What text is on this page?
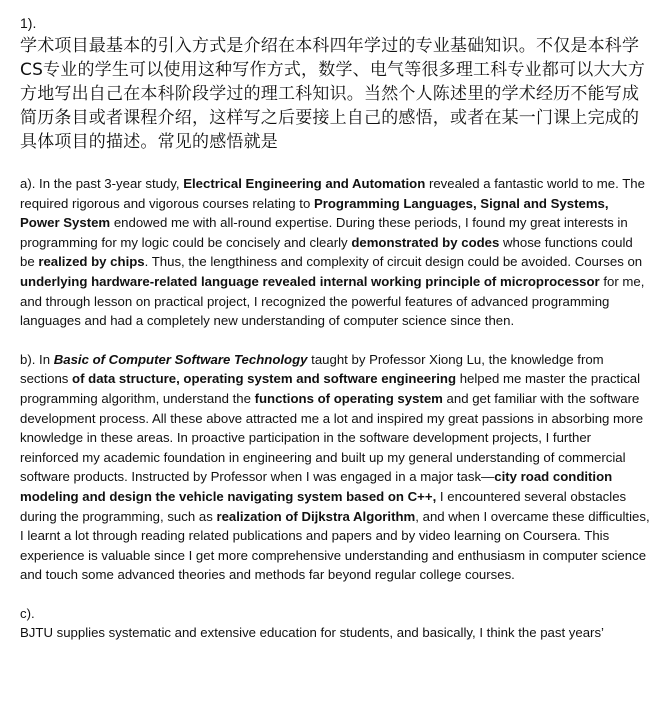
1).

学术项目最基本的引入方式是介绍在本科四年学过的专业基础知识。不仅是本科学CS专业的学生可以使用这种写作方式，数学、电气等很多理工科专业都可以大大方方地写出自己在本科阶段学过的理工科知识。当然个人陈述里的学术经历不能写成简历条目或者课程介绍，这样写之后要接上自己的感悟，或者在某一门课上完成的具体项目的描述。常见的感悟就是

a). In the past 3-year study, Electrical Engineering and Automation revealed a fantastic world to me. The required rigorous and vigorous courses relating to Programming Languages, Signal and Systems, Power System endowed me with all-round expertise. During these periods, I found my great interests in programming for my logic could be concisely and clearly demonstrated by codes whose functions could be realized by chips. Thus, the lengthiness and complexity of circuit design could be avoided. Courses on underlying hardware-related language revealed internal working principle of microprocessor for me, and through lesson on practical project, I recognized the powerful features of advanced programming languages and had a completely new understanding of computer science since then.

b). In Basic of Computer Software Technology taught by Professor Xiong Lu, the knowledge from sections of data structure, operating system and software engineering helped me master the practical programming algorithm, understand the functions of operating system and get familiar with the software development process. All these above attracted me a lot and inspired my great passions in absorbing more knowledge in these areas. In proactive participation in the software development projects, I further reinforced my academic foundation in engineering and built up my general understanding of commercial software products. Instructed by Professor when I was engaged in a major task—city road condition modeling and design the vehicle navigating system based on C++, I encountered several obstacles during the programming, such as realization of Dijkstra Algorithm, and when I overcame these difficulties, I learnt a lot through reading related publications and papers and by video learning on Coursera. This experience is valuable since I get more comprehensive understanding and enthusiasm in computer science and touch some advanced theories and methods far beyond regular college courses.

c).
BJTU supplies systematic and extensive education for students, and basically, I think the past years’
